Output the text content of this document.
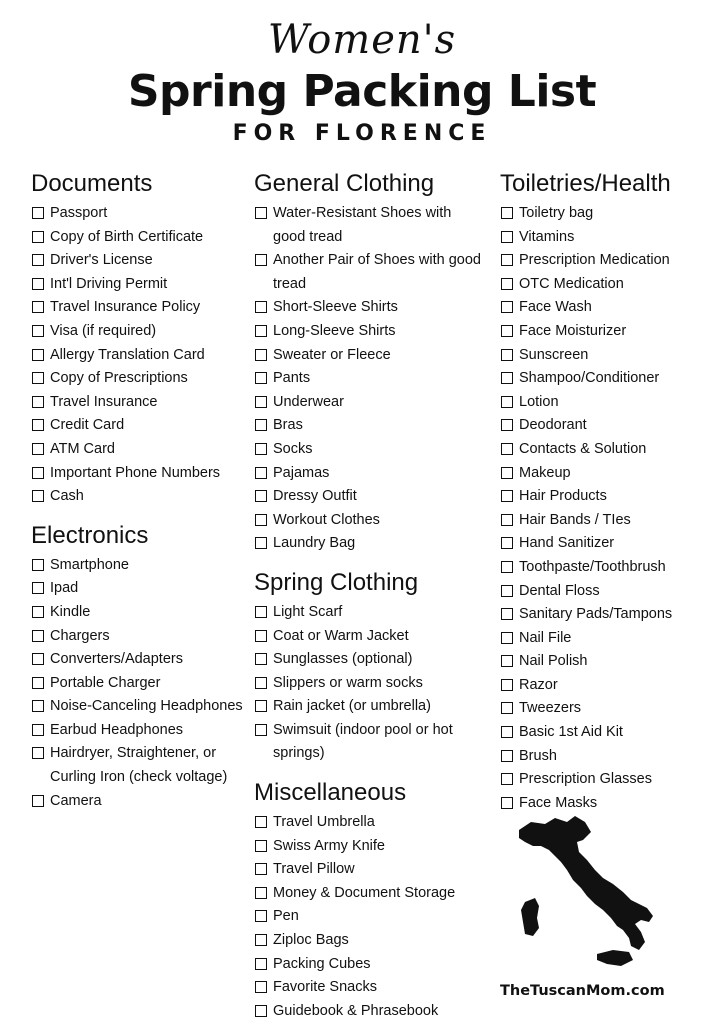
Women's
Spring Packing List
FOR FLORENCE
Documents
Passport
Copy of Birth Certificate
Driver's License
Int'l Driving Permit
Travel Insurance Policy
Visa (if required)
Allergy Translation Card
Copy of Prescriptions
Travel Insurance
Credit Card
ATM Card
Important Phone Numbers
Cash
Electronics
Smartphone
Ipad
Kindle
Chargers
Converters/Adapters
Portable Charger
Noise-Canceling Headphones
Earbud Headphones
Hairdryer, Straightener, or Curling Iron (check voltage)
Camera
General Clothing
Water-Resistant Shoes with good tread
Another Pair of Shoes with good tread
Short-Sleeve Shirts
Long-Sleeve Shirts
Sweater or Fleece
Pants
Underwear
Bras
Socks
Pajamas
Dressy Outfit
Workout Clothes
Laundry Bag
Spring Clothing
Light Scarf
Coat or Warm Jacket
Sunglasses (optional)
Slippers or warm socks
Rain jacket (or umbrella)
Swimsuit (indoor pool or hot springs)
Miscellaneous
Travel Umbrella
Swiss Army Knife
Travel Pillow
Money & Document Storage
Pen
Ziploc Bags
Packing Cubes
Favorite Snacks
Guidebook & Phrasebook
Toiletries/Health
Toiletry bag
Vitamins
Prescription Medication
OTC Medication
Face Wash
Face Moisturizer
Sunscreen
Shampoo/Conditioner
Lotion
Deodorant
Contacts & Solution
Makeup
Hair Products
Hair Bands / TIes
Hand Sanitizer
Toothpaste/Toothbrush
Dental Floss
Sanitary Pads/Tampons
Nail File
Nail Polish
Razor
Tweezers
Basic 1st Aid Kit
Brush
Prescription Glasses
Face Masks
TheTuscanMom.com
